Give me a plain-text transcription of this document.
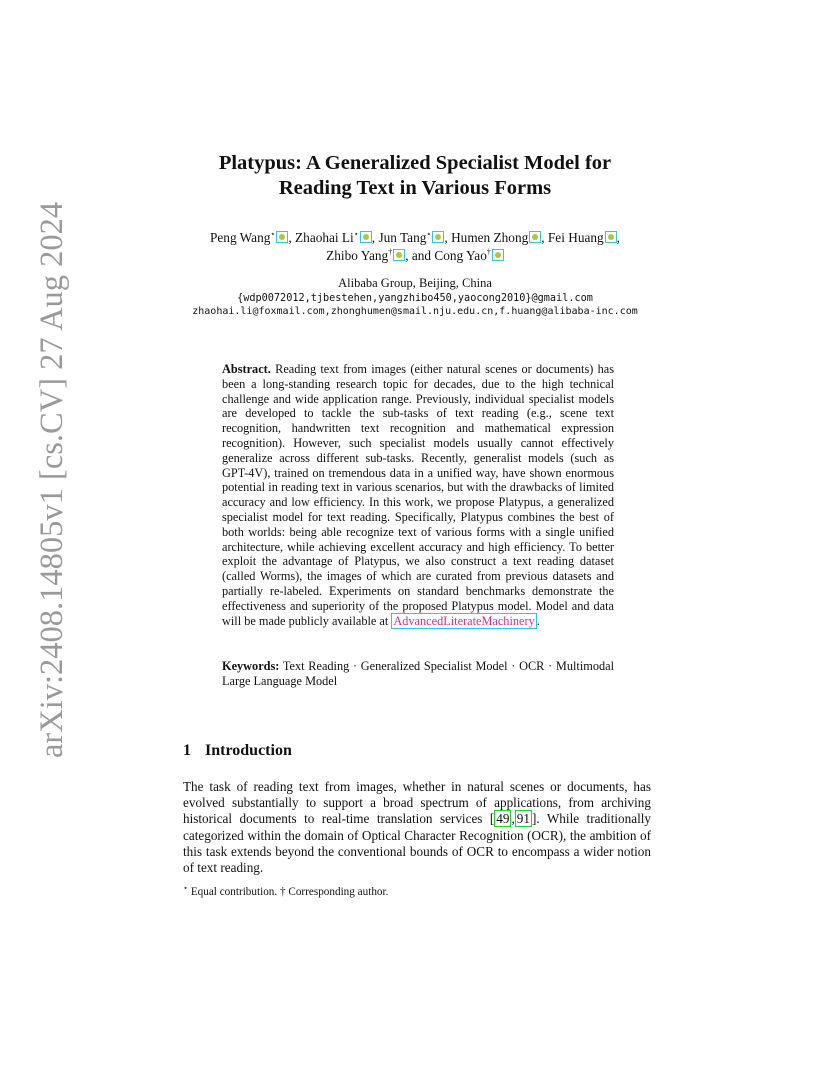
arXiv:2408.14805v1 [cs.CV] 27 Aug 2024
Platypus: A Generalized Specialist Model for
Reading Text in Various Forms
Peng Wang⋆ , Zhaohai Li⋆ , Jun Tang⋆ , Humen Zhong , Fei Huang ,
Zhibo Yang† , and Cong Yao†
Alibaba Group, Beijing, China
{wdp0072012,tjbestehen,yangzhibo450,yaocong2010}@gmail.com
zhaohai.li@foxmail.com,zhonghumen@smail.nju.edu.cn,f.huang@alibaba-inc.com
Abstract. Reading text from images (either natural scenes or documents) has been a long-standing research topic for decades, due to the high technical challenge and wide application range. Previously, individual specialist models are developed to tackle the sub-tasks of text reading (e.g., scene text recognition, handwritten text recognition and mathematical expression recognition). However, such specialist models usually cannot effectively generalize across different sub-tasks. Recently, generalist models (such as GPT-4V), trained on tremendous data in a unified way, have shown enormous potential in reading text in various scenarios, but with the drawbacks of limited accuracy and low efficiency. In this work, we propose Platypus, a generalized specialist model for text reading. Specifically, Platypus combines the best of both worlds: being able recognize text of various forms with a single unified architecture, while achieving excellent accuracy and high efficiency. To better exploit the advantage of Platypus, we also construct a text reading dataset (called Worms), the images of which are curated from previous datasets and partially re-labeled. Experiments on standard benchmarks demonstrate the effectiveness and superiority of the proposed Platypus model. Model and data will be made publicly available at AdvancedLiterateMachinery .
Keywords: Text Reading · Generalized Specialist Model · OCR · Multimodal Large Language Model
1 Introduction
The task of reading text from images, whether in natural scenes or documents, has evolved substantially to support a broad spectrum of applications, from archiving historical documents to real-time translation services [ 49 , 91 ]. While traditionally categorized within the domain of Optical Character Recognition (OCR), the ambition of this task extends beyond the conventional bounds of OCR to encompass a wider notion of text reading.
⋆ Equal contribution. † Corresponding author.
